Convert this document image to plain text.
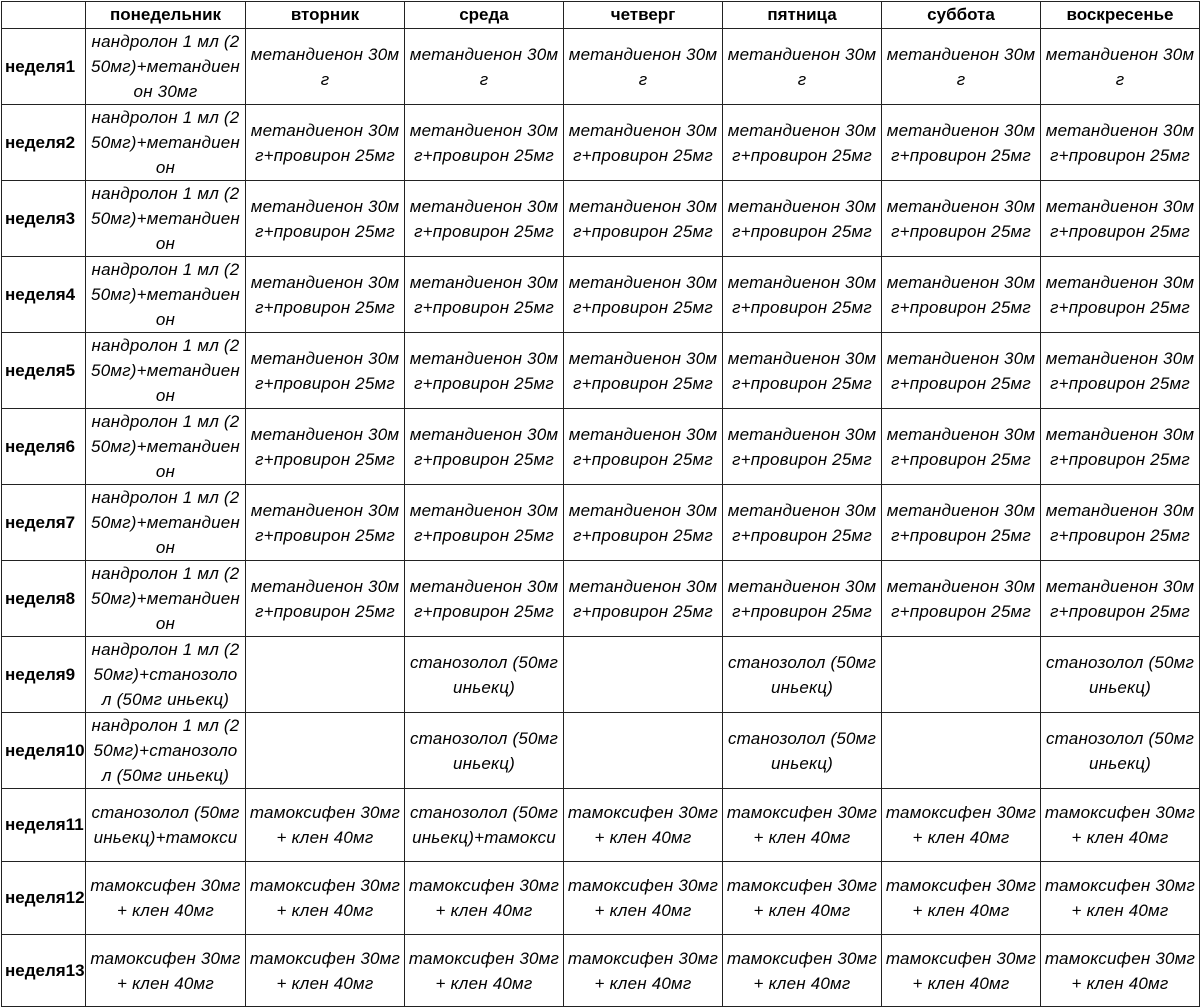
	понедельник	вторник	среда	четверг	пятница	суббота	воскресенье
неделя1	нандролон 1 мл (250мг)+метандиенон 30мг	метандиенон 30мг	метандиенон 30мг	метандиенон 30мг	метандиенон 30мг	метандиенон 30мг	метандиенон 30мг
неделя2	нандролон 1 мл (250мг)+метандиенон	метандиенон 30мг+провирон 25мг	метандиенон 30мг+провирон 25мг	метандиенон 30мг+провирон 25мг	метандиенон 30мг+провирон 25мг	метандиенон 30мг+провирон 25мг	метандиенон 30мг+провирон 25мг
неделя3	нандролон 1 мл (250мг)+метандиенон	метандиенон 30мг+провирон 25мг	метандиенон 30мг+провирон 25мг	метандиенон 30мг+провирон 25мг	метандиенон 30мг+провирон 25мг	метандиенон 30мг+провирон 25мг	метандиенон 30мг+провирон 25мг
неделя4	нандролон 1 мл (250мг)+метандиенон	метандиенон 30мг+провирон 25мг	метандиенон 30мг+провирон 25мг	метандиенон 30мг+провирон 25мг	метандиенон 30мг+провирон 25мг	метандиенон 30мг+провирон 25мг	метандиенон 30мг+провирон 25мг
неделя5	нандролон 1 мл (250мг)+метандиенон	метандиенон 30мг+провирон 25мг	метандиенон 30мг+провирон 25мг	метандиенон 30мг+провирон 25мг	метандиенон 30мг+провирон 25мг	метандиенон 30мг+провирон 25мг	метандиенон 30мг+провирон 25мг
неделя6	нандролон 1 мл (250мг)+метандиенон	метандиенон 30мг+провирон 25мг	метандиенон 30мг+провирон 25мг	метандиенон 30мг+провирон 25мг	метандиенон 30мг+провирон 25мг	метандиенон 30мг+провирон 25мг	метандиенон 30мг+провирон 25мг
неделя7	нандролон 1 мл (250мг)+метандиенон	метандиенон 30мг+провирон 25мг	метандиенон 30мг+провирон 25мг	метандиенон 30мг+провирон 25мг	метандиенон 30мг+провирон 25мг	метандиенон 30мг+провирон 25мг	метандиенон 30мг+провирон 25мг
неделя8	нандролон 1 мл (250мг)+метандиенон	метандиенон 30мг+провирон 25мг	метандиенон 30мг+провирон 25мг	метандиенон 30мг+провирон 25мг	метандиенон 30мг+провирон 25мг	метандиенон 30мг+провирон 25мг	метандиенон 30мг+провирон 25мг
неделя9	нандролон 1 мл (250мг)+станозолол (50мг иньекц)		станозолол (50мг иньекц)		станозолол (50мг иньекц)		станозолол (50мг иньекц)
неделя10	нандролон 1 мл (250мг)+станозолол (50мг иньекц)		станозолол (50мг иньекц)		станозолол (50мг иньекц)		станозолол (50мг иньекц)
неделя11	станозолол (50мг иньекц)+тамокси	тамоксифен 30мг+ клен 40мг	станозолол (50мг иньекц)+тамокси	тамоксифен 30мг+ клен 40мг	тамоксифен 30мг+ клен 40мг	тамоксифен 30мг+ клен 40мг	тамоксифен 30мг+ клен 40мг
неделя12	тамоксифен 30мг+ клен 40мг	тамоксифен 30мг+ клен 40мг	тамоксифен 30мг+ клен 40мг	тамоксифен 30мг+ клен 40мг	тамоксифен 30мг+ клен 40мг	тамоксифен 30мг+ клен 40мг	тамоксифен 30мг+ клен 40мг
неделя13	тамоксифен 30мг+ клен 40мг	тамоксифен 30мг+ клен 40мг	тамоксифен 30мг+ клен 40мг	тамоксифен 30мг+ клен 40мг	тамоксифен 30мг+ клен 40мг	тамоксифен 30мг+ клен 40мг	тамоксифен 30мг+ клен 40мг
